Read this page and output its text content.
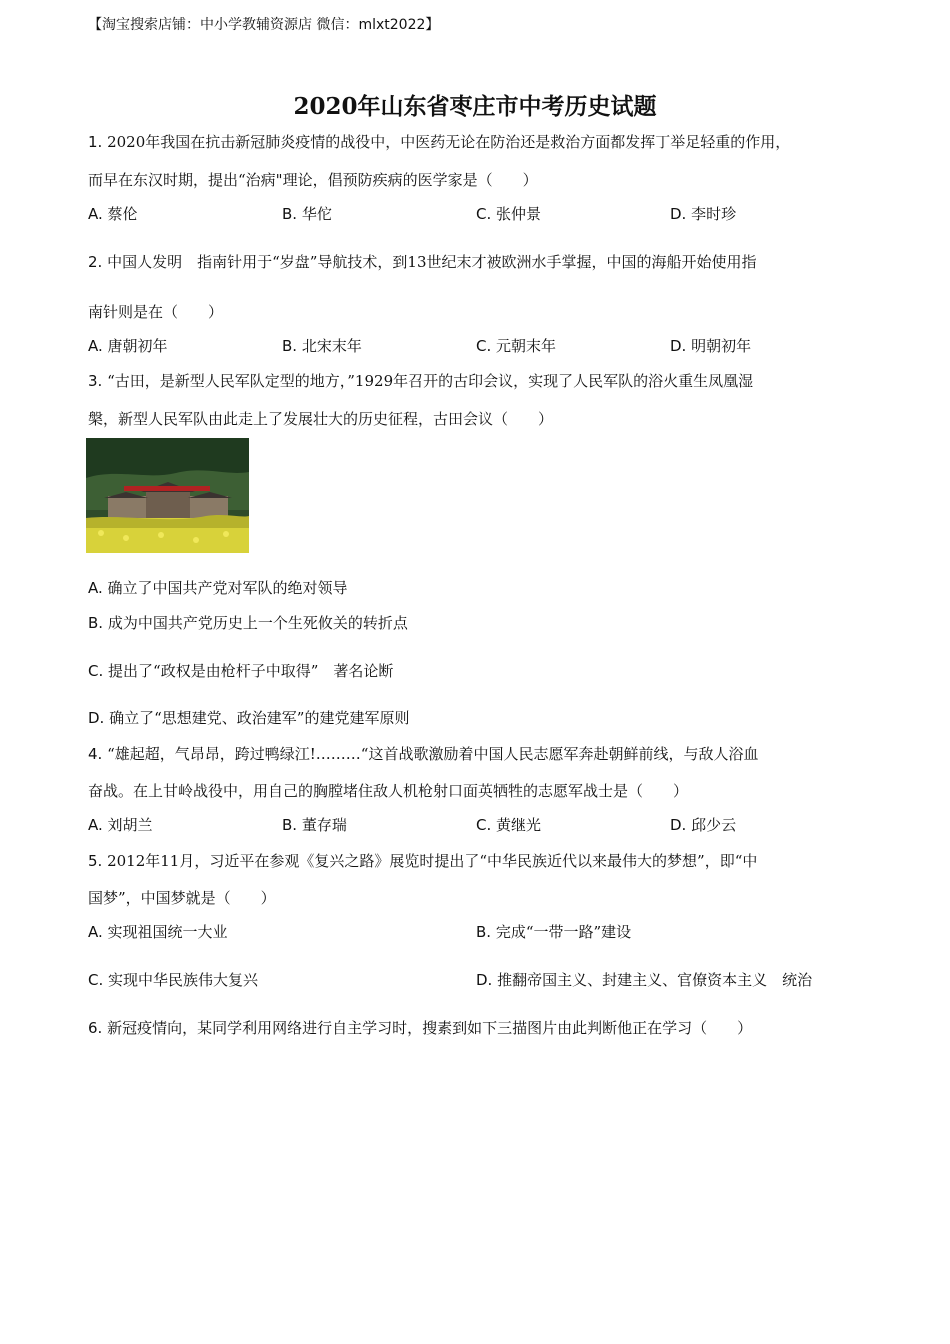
【淘宝搜索店铺：中小学教辅资源店 微信：mlxt2022】
2020年山东省枣庄市中考历史试题
1. 2020年我国在抗击新冠肺炎疫情的战役中，中医药无论在防治还是救治方面都发挥丁举足轻重的作用，
而早在东汉时期，提出“治病"理论，倡预防疾病的医学家是（　　）
A. 蔡伦	B. 华佗	C. 张仲景	D. 李时珍
2. 中国人发明　指南针用于“岁盘”导航技术，到13世纪末才被欧洲水手掌握，中国的海船开始使用指
南针则是在（　　）
A. 唐朝初年	B. 北宋末年	C. 元朝末年	D. 明朝初年
3. “古田，是新型人民军队定型的地方，”1929年召开的古印会议，实现了人民军队的浴火重生凤凰湿
槃，新型人民军队由此走上了发展壮大的历史征程，古田会议（　　）
A. 确立了中国共产党对军队的绝对领导
B. 成为中国共产党历史上一个生死攸关的转折点
C. 提出了“政权是由枪杆子中取得”　著名论断
D. 确立了“思想建党、政治建军”的建党建军原则
4. “雄起超，气昂昂，跨过鸭绿江!………“这首战歌激励着中国人民志愿军奔赴朝鲜前线，与敌人浴血
奋战。在上甘岭战役中，用自己的胸膛堵住敌人机枪射口面英牺牲的志愿军战士是（　　）
A. 刘胡兰	B. 董存瑞	C. 黄继光	D. 邱少云
5. 2012年11月，习近平在参观《复兴之路》展览时提出了“中华民族近代以来最伟大的梦想”，即“中
国梦”，中国梦就是（　　）
A. 实现祖国统一大业	B. 完成“一带一路”建设
C. 实现中华民族伟大复兴	D. 推翻帝国主义、封建主义、官僚资本主义　统治
6. 新冠疫情向，某同学利用网络进行自主学习时，搜素到如下三描图片由此判断他正在学习（　　）
